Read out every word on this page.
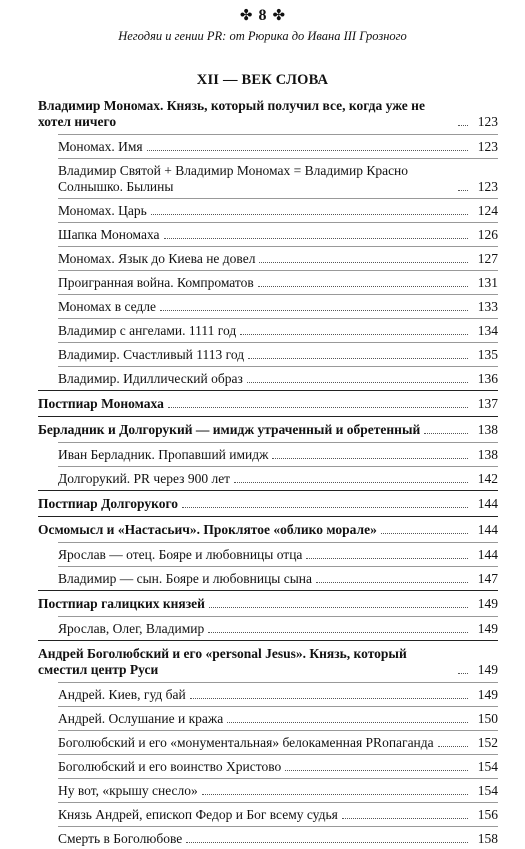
✤ 8 ✤
Негодяи и гении PR: от Рюрика до Ивана III Грозного
XII — ВЕК СЛОВА
Владимир Мономах. Князь, который получил все, когда уже не хотел ничего	123
Мономах. Имя	123
Владимир Святой + Владимир Мономах = Владимир Красно Солнышко. Былины	123
Мономах. Царь	124
Шапка Мономаха	126
Мономах. Язык до Киева не довел	127
Проигранная война. Компроматов	131
Мономах в седле	133
Владимир с ангелами. 1111 год	134
Владимир. Счастливый 1113 год	135
Владимир. Идиллический образ	136
Постпиар Мономаха	137
Берладник и Долгорукий — имидж утраченный и обретенный	138
Иван Берладник. Пропавший имидж	138
Долгорукий. PR через 900 лет	142
Постпиар Долгорукого	144
Осмомысл и «Настасьич». Проклятое «облико морале»	144
Ярослав — отец. Бояре и любовницы отца	144
Владимир — сын. Бояре и любовницы сына	147
Постпиар галицких князей	149
Ярослав, Олег, Владимир	149
Андрей Боголюбский и его «personal Jesus». Князь, который сместил центр Руси	149
Андрей. Киев, гуд бай	149
Андрей. Ослушание и кража	150
Боголюбский и его «монументальная» белокаменная PRопаганда	152
Боголюбский и его воинство Христово	154
Ну вот, «крышу снесло»	154
Князь Андрей, епископ Федор и Бог всему судья	156
Смерть в Боголюбове	158
